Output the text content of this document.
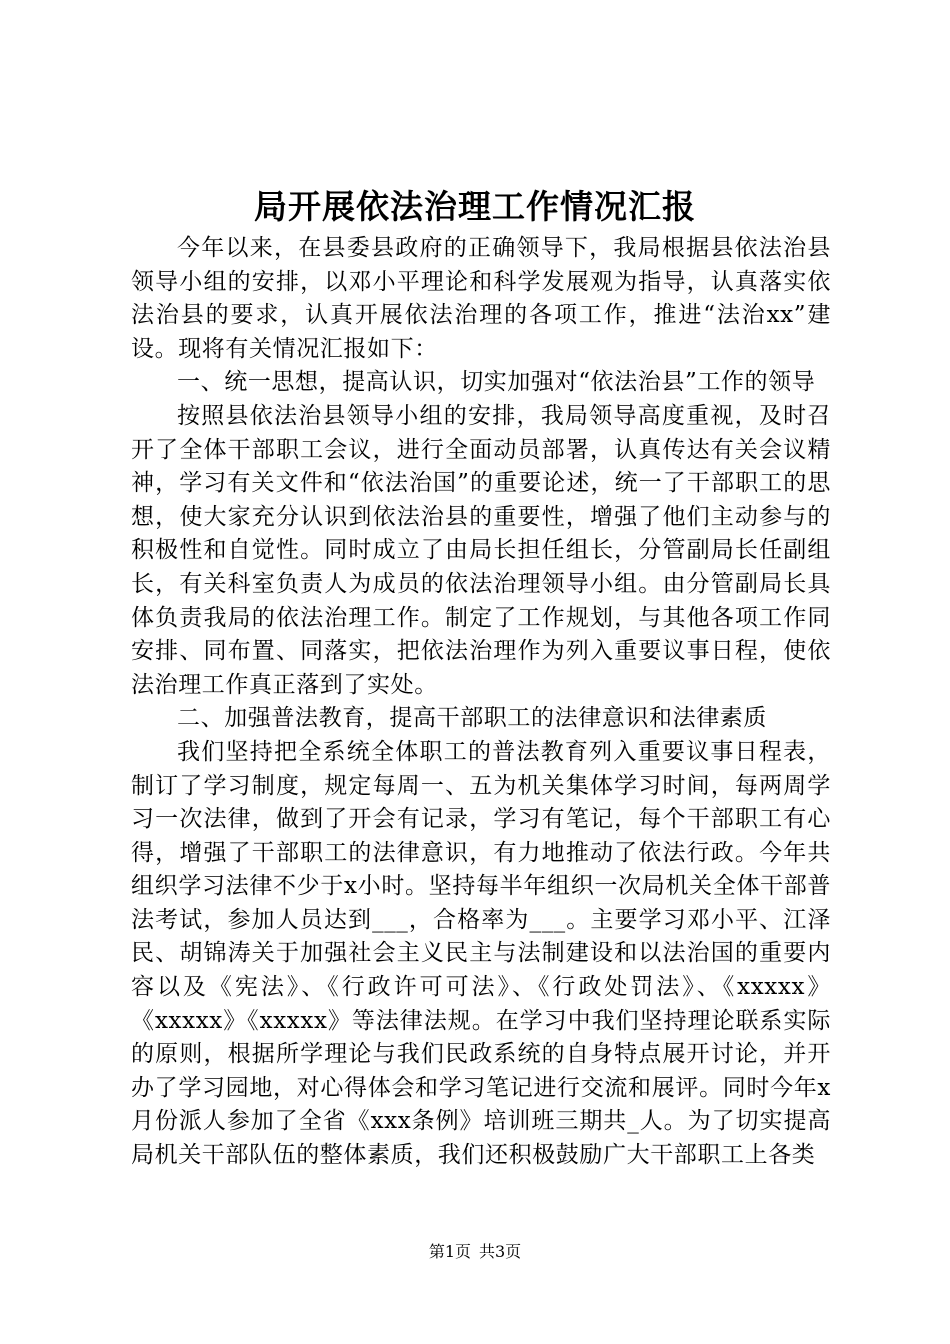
局开展依法治理工作情况汇报

今年以来，在县委县政府的正确领导下，我局根据县依法治县领导小组的安排，以邓小平理论和科学发展观为指导，认真落实依法治县的要求，认真开展依法治理的各项工作，推进“法治xx”建设。现将有关情况汇报如下：

一、统一思想，提高认识，切实加强对“依法治县”工作的领导

按照县依法治县领导小组的安排，我局领导高度重视，及时召开了全体干部职工会议，进行全面动员部署，认真传达有关会议精神，学习有关文件和“依法治国”的重要论述，统一了干部职工的思想，使大家充分认识到依法治县的重要性，增强了他们主动参与的积极性和自觉性。同时成立了由局长担任组长，分管副局长任副组长，有关科室负责人为成员的依法治理领导小组。由分管副局长具体负责我局的依法治理工作。制定了工作规划，与其他各项工作同安排、同布置、同落实，把依法治理作为列入重要议事日程，使依法治理工作真正落到了实处。

二、加强普法教育，提高干部职工的法律意识和法律素质

我们坚持把全系统全体职工的普法教育列入重要议事日程表，制订了学习制度，规定每周一、五为机关集体学习时间，每两周学习一次法律，做到了开会有记录，学习有笔记，每个干部职工有心得，增强了干部职工的法律意识，有力地推动了依法行政。今年共组织学习法律不少于x小时。坚持每半年组织一次局机关全体干部普法考试，参加人员达到___，合格率为___。主要学习邓小平、江泽民、胡锦涛关于加强社会主义民主与法制建设和以法治国的重要内容以及《宪法》、《行政许可可法》、《行政处罚法》、《xxxxx》《xxxxx》《xxxxx》等法律法规。在学习中我们坚持理论联系实际的原则，根据所学理论与我们民政系统的自身特点展开讨论，并开办了学习园地，对心得体会和学习笔记进行交流和展评。同时今年x月份派人参加了全省《xxx条例》培训班三期共_人。为了切实提高局机关干部队伍的整体素质，我们还积极鼓励广大干部职工上各类

第1页 共3页
